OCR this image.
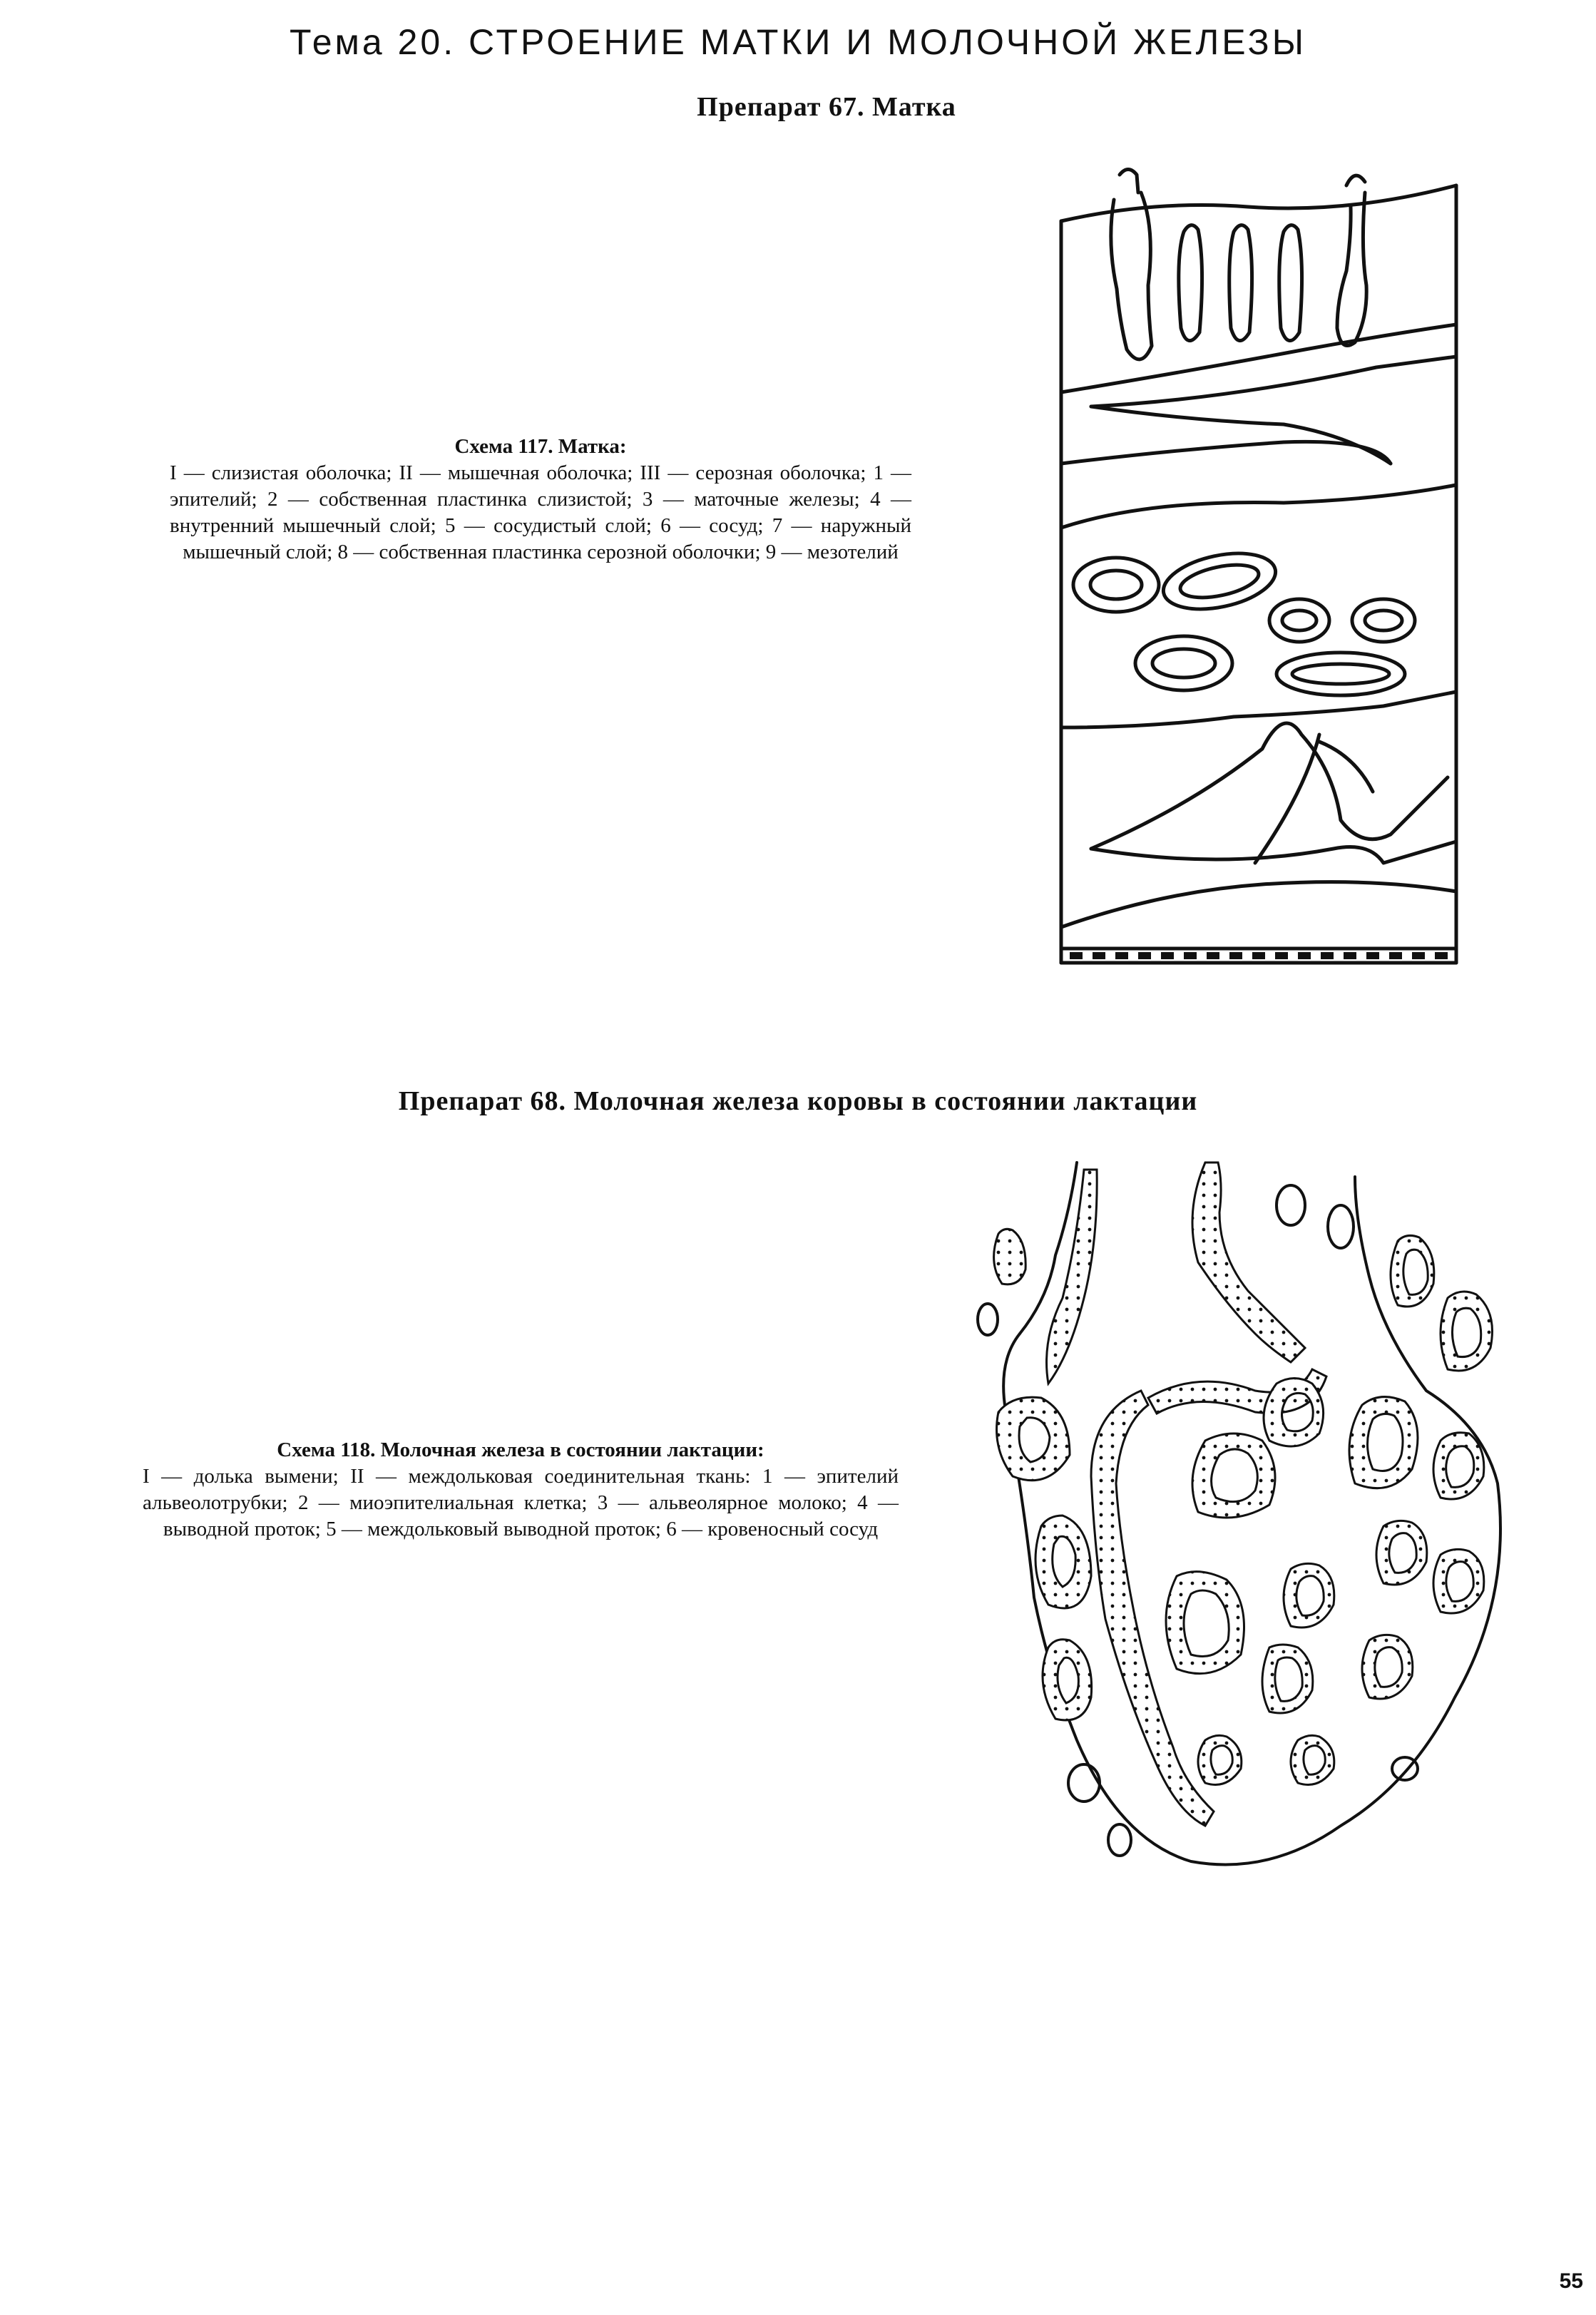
Тема 20. СТРОЕНИЕ МАТКИ И МОЛОЧНОЙ ЖЕЛЕЗЫ
Препарат 67. Матка
Схема 117. Матка:
I — слизистая оболочка; II — мышечная оболочка; III — серозная оболочка; 1 — эпителий; 2 — собственная пластинка слизистой; 3 — маточные железы; 4 — внутренний мышечный слой; 5 — сосудистый слой; 6 — сосуд; 7 — наружный мышечный слой; 8 — собственная пластинка серозной оболочки; 9 — мезотелий
Препарат 68. Молочная железа коровы в состоянии лактации
Схема 118. Молочная железа в состоянии лактации:
I — долька вымени; II — междольковая соединительная ткань: 1 — эпителий альвеолотрубки; 2 — миоэпителиальная клетка; 3 — альвеолярное молоко; 4 — выводной проток; 5 — междольковый выводной проток; 6 — кровеносный сосуд
55
